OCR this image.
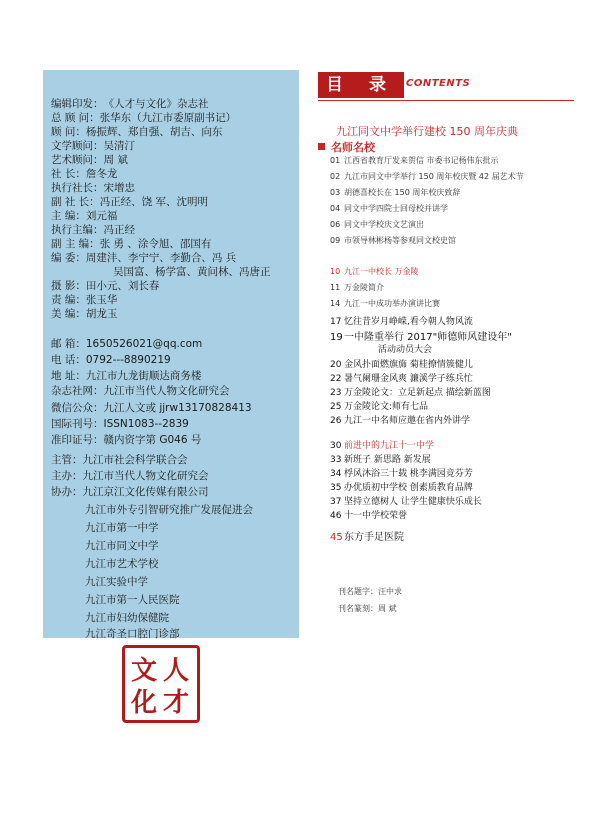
编辑印发：《人才与文化》杂志社
总 顾 问：张华东（九江市委原副书记）
顾 问：杨振辉、郑自强、胡吉、向东
文学顾问：吴清汀
艺术顾问：周 斌
社 长：詹冬龙
执行社长：宋增忠
副 社 长：冯正经、饶 军、沈明明
主 编：刘元福
执行主编：冯正经
副 主 编：张 勇 、涂令旭、邵国有
编 委：周建沣、李宁宁、李勤合、冯 兵
吴国富、杨学富、黄问林、冯唐正
摄 影：田小元、刘长春
责 编：张玉华
美 编：胡龙玉
邮 箱：1650526021@qq.com
电 话：0792---8890219
地 址：九江市九龙街顺达商务楼
杂志社网：九江市当代人物文化研究会
微信公众：九江人文或 jjrw13170828413
国际刊号：ISSN1083--2839
准印证号：赣内资字第 G046 号
主管：九江市社会科学联合会
主办：九江市当代人物文化研究会
协办：九江京江文化传媒有限公司
九江市外专引智研究推广发展促进会
九江市第一中学
九江市同文中学
九江市艺术学校
九江实验中学
九江市第一人民医院
九江市妇幼保健院
九江奇圣口腔门诊部
人
才
文
化
目 录	CONTENTS
九江同文中学举行建校 150 周年庆典
名师名校
01 江西省教育厅发来贺信 市委书记杨伟东批示
02 九江市同文中学举行 150 周年校庆暨 42 届艺术节
03 胡德喜校长在 150 周年校庆致辞
04 同文中学四院士回母校并讲学
06 同文中学校庆文艺演出
09 市领导林彬杨等参观同文校史馆
10 九江一中校长 万金陵
11 万金陵简介
14 九江一中成功举办演讲比赛
17 忆往昔岁月峥嵘,看今朝人物风流
19一中隆重举行 2017"师德师风建设年"
活动动员大会
20 金风扑面燃旗旆 菊桂撩情簇健儿
22 暑气阑珊金风爽 濂溪学子练兵忙
23 万金陵论文：立足新起点 描绘新蓝图
25 万金陵论文:师有七品
26 九江一中名师应邀在省内外讲学
30 前进中的九江十一中学
33 新班子 新思路 新发展
34 桴风沐浴三十载 桃李满园竞芬芳
35 办优质初中学校 创素质教育品牌
37 坚持立德树人 让学生健康快乐成长
46 十一中学校荣誉
45东方手足医院
刊名题字：汪中求
刊名篆刻：周 斌
